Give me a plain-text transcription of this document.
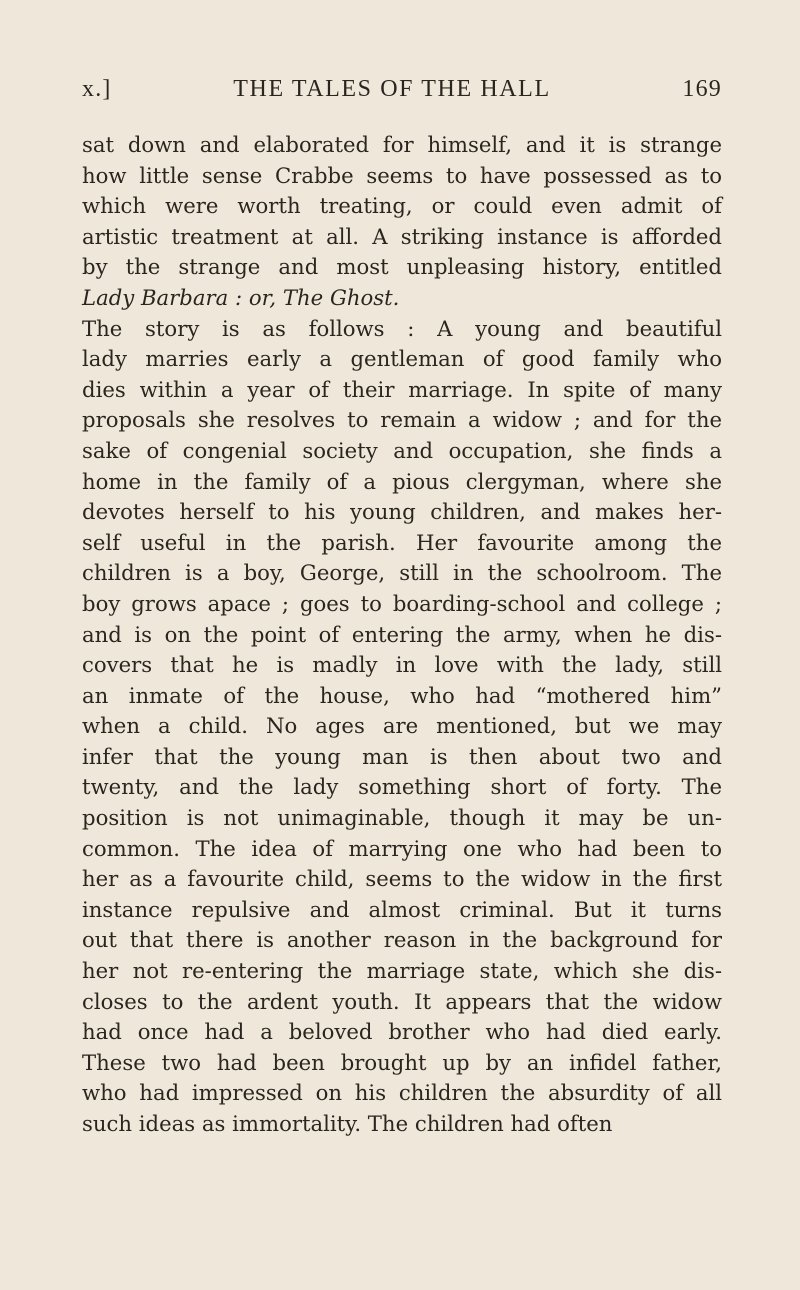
x.]	THE TALES OF THE HALL	169
sat down and elaborated for himself, and it is strange
how little sense Crabbe seems to have possessed as to
which were worth treating, or could even admit of
artistic treatment at all. A striking instance is afforded
by the strange and most unpleasing history, entitled
Lady Barbara : or, The Ghost.
The story is as follows : A young and beautiful
lady marries early a gentleman of good family who
dies within a year of their marriage. In spite of many
proposals she resolves to remain a widow ; and for the
sake of congenial society and occupation, she finds a
home in the family of a pious clergyman, where she
devotes herself to his young children, and makes her-
self useful in the parish. Her favourite among the
children is a boy, George, still in the schoolroom. The
boy grows apace ; goes to boarding-school and college ;
and is on the point of entering the army, when he dis-
covers that he is madly in love with the lady, still
an inmate of the house, who had “mothered him”
when a child. No ages are mentioned, but we may
infer that the young man is then about two and
twenty, and the lady something short of forty. The
position is not unimaginable, though it may be un-
common. The idea of marrying one who had been to
her as a favourite child, seems to the widow in the first
instance repulsive and almost criminal. But it turns
out that there is another reason in the background for
her not re-entering the marriage state, which she dis-
closes to the ardent youth. It appears that the widow
had once had a beloved brother who had died early.
These two had been brought up by an infidel father,
who had impressed on his children the absurdity of all
such ideas as immortality. The children had often
